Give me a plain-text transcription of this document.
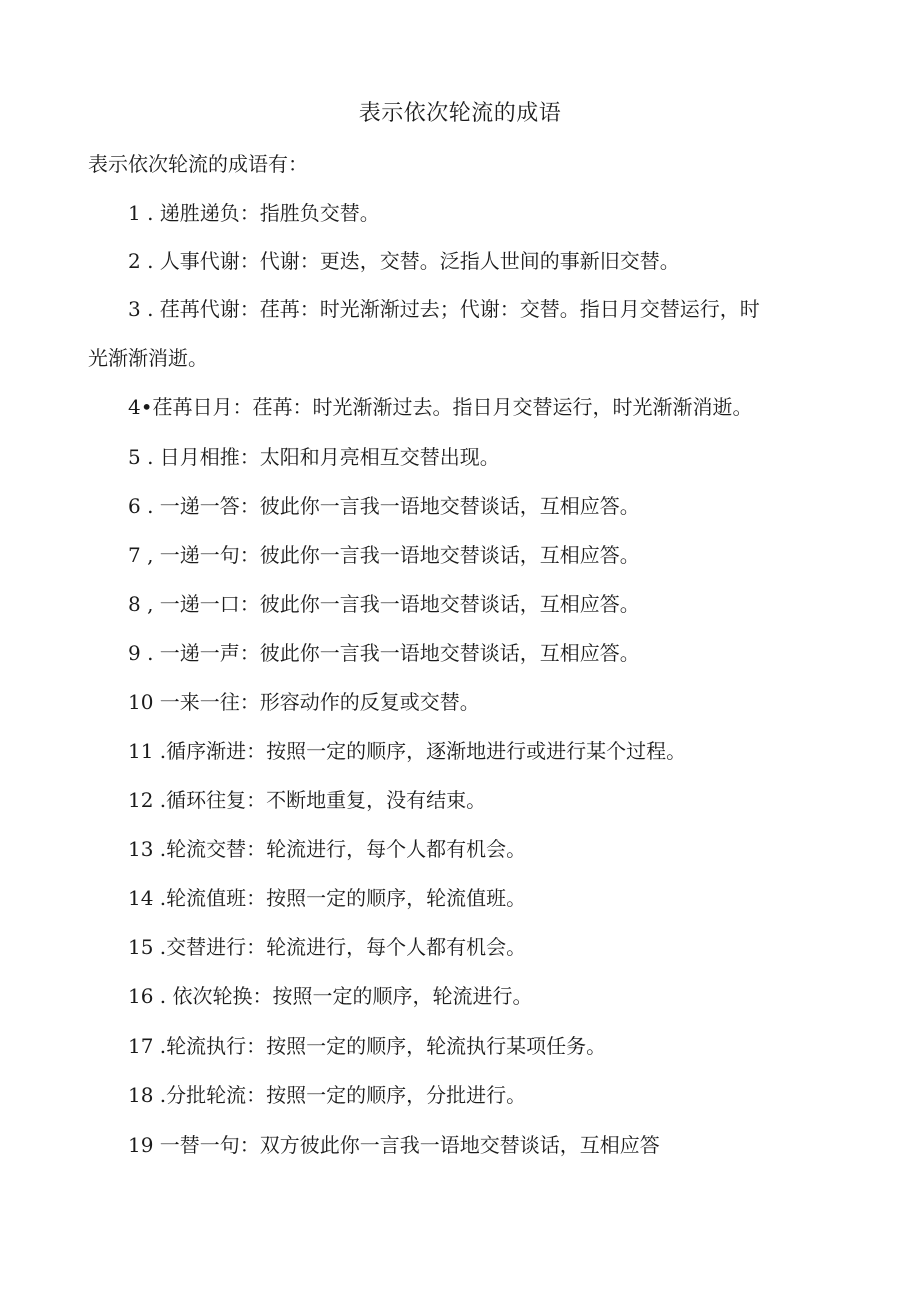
表示依次轮流的成语
表示依次轮流的成语有：
1 . 递胜递负：指胜负交替。
2 . 人事代谢：代谢：更迭，交替。泛指人世间的事新旧交替。
3 . 荏苒代谢：荏苒：时光渐渐过去；代谢：交替。指日月交替运行，时
光渐渐消逝。
4•荏苒日月：荏苒：时光渐渐过去。指日月交替运行，时光渐渐消逝。
5 . 日月相推：太阳和月亮相互交替出现。
6 . 一递一答：彼此你一言我一语地交替谈话，互相应答。
7 , 一递一句：彼此你一言我一语地交替谈话，互相应答。
8 , 一递一口：彼此你一言我一语地交替谈话，互相应答。
9 . 一递一声：彼此你一言我一语地交替谈话，互相应答。
10 一来一往：形容动作的反复或交替。
11 .循序渐进：按照一定的顺序，逐渐地进行或进行某个过程。
12 .循环往复：不断地重复，没有结束。
13 .轮流交替：轮流进行，每个人都有机会。
14 .轮流值班：按照一定的顺序，轮流值班。
15 .交替进行：轮流进行，每个人都有机会。
16 . 依次轮换：按照一定的顺序，轮流进行。
17 .轮流执行：按照一定的顺序，轮流执行某项任务。
18 .分批轮流：按照一定的顺序，分批进行。
19 一替一句：双方彼此你一言我一语地交替谈话，互相应答
